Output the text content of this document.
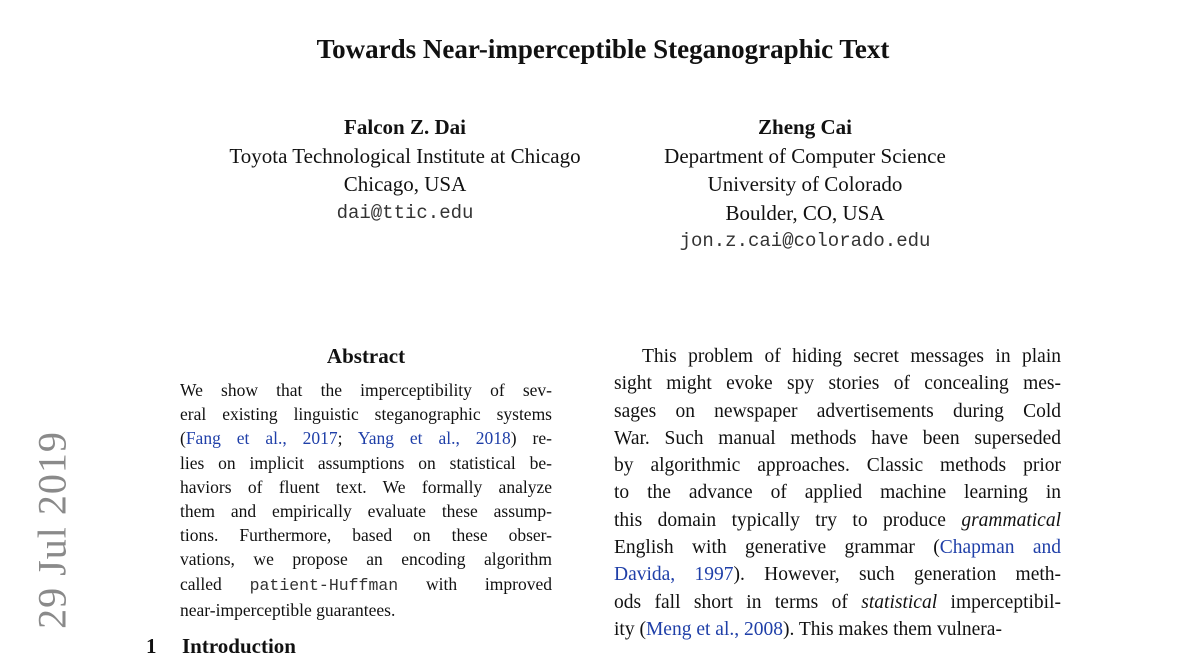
Towards Near-imperceptible Steganographic Text
Falcon Z. Dai
Toyota Technological Institute at Chicago
Chicago, USA
dai@ttic.edu
Zheng Cai
Department of Computer Science
University of Colorado
Boulder, CO, USA
jon.z.cai@colorado.edu
29 Jul 2019
Abstract
We show that the imperceptibility of sev-
eral existing linguistic steganographic systems
(Fang et al., 2017; Yang et al., 2018) re-
lies on implicit assumptions on statistical be-
haviors of fluent text. We formally analyze
them and empirically evaluate these assump-
tions. Furthermore, based on these obser-
vations, we propose an encoding algorithm
called patient-Huffman with improved
near-imperceptible guarantees.
This problem of hiding secret messages in plain
sight might evoke spy stories of concealing mes-
sages on newspaper advertisements during Cold
War. Such manual methods have been superseded
by algorithmic approaches. Classic methods prior
to the advance of applied machine learning in
this domain typically try to produce grammatical
English with generative grammar (Chapman and
Davida, 1997). However, such generation meth-
ods fall short in terms of statistical imperceptibil-
ity (Meng et al., 2008). This makes them vulnera-
1 Introduction
